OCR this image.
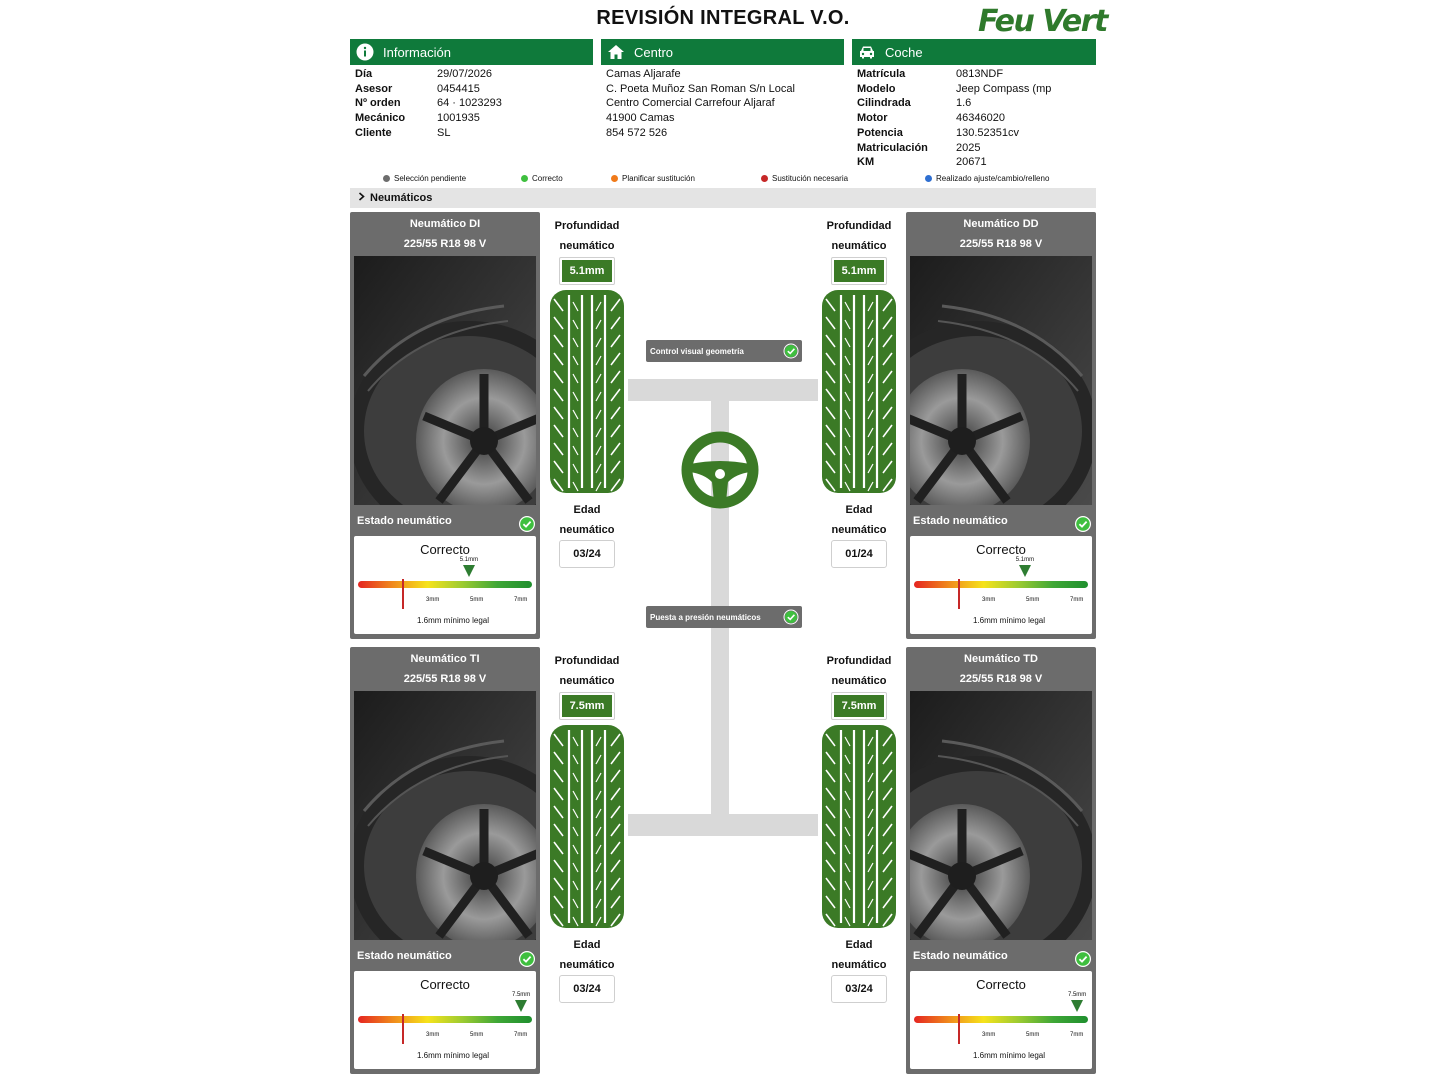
REVISIÓN INTEGRAL V.O.	Feu Vert
Información	Centro	Coche
Día	29/07/2026
Asesor	0454415
Nº orden	64 · 1023293
Mecánico	1001935
Cliente	SL
Camas Aljarafe
C. Poeta Muñoz San Roman S/n Local
Centro Comercial Carrefour Aljaraf
41900 Camas
854 572 526
Matrícula	0813NDF
Modelo	Jeep Compass (mp
Cilindrada	1.6
Motor	46346020
Potencia	130.52351cv
Matriculación	2025
KM	20671
Selección pendiente	Correcto	Planificar sustitución	Sustitución necesaria	Realizado ajuste/cambio/relleno
Neumáticos
Control visual geometría
Puesta a presión neumáticos
Neumático DI
225/55 R18 98 V
Estado neumático
Correcto
5.1mm
3mm	5mm	7mm
1.6mm mínimo legal
Profundidad
neumático
5.1mm
Edad
neumático
03/24
Neumático DD
225/55 R18 98 V
Estado neumático
Correcto
5.1mm
3mm	5mm	7mm
1.6mm mínimo legal
Profundidad
neumático
5.1mm
Edad
neumático
01/24
Neumático TI
225/55 R18 98 V
Estado neumático
Correcto
7.5mm
3mm	5mm	7mm
1.6mm mínimo legal
Profundidad
neumático
7.5mm
Edad
neumático
03/24
Neumático TD
225/55 R18 98 V
Estado neumático
Correcto
7.5mm
3mm	5mm	7mm
1.6mm mínimo legal
Profundidad
neumático
7.5mm
Edad
neumático
03/24
